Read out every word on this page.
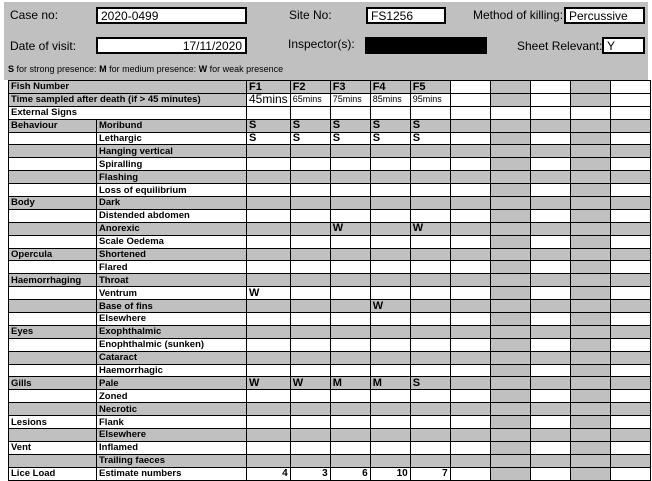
Case no:	2020-0499	Site No:	FS1256	Method of killing: Percussive
Date of visit:	17/11/2020	Inspector(s):	Sheet Relevant: Y
S for strong presence: M for medium presence: W for weak presence
Fish Number		F1	F2	F3	F4	F5					
Time sampled after death (if > 45 minutes)		45mins	65mins	75mins	85mins	95mins					
External Signs											
Behaviour	Moribund	S	S	S	S	S					
	Lethargic	S	S	S	S	S					
	Hanging vertical										
	Spiralling										
	Flashing										
	Loss of equilibrium										
Body	Dark										
	Distended abdomen										
	Anorexic			W		W					
	Scale Oedema										
Opercula	Shortened										
	Flared										
Haemorrhaging	Throat										
	Ventrum	W									
	Base of fins				W						
	Elsewhere										
Eyes	Exophthalmic										
	Enophthalmic (sunken)										
	Cataract										
	Haemorrhagic										
Gills	Pale	W	W	M	M	S					
	Zoned										
	Necrotic										
Lesions	Flank										
	Elsewhere										
Vent	Inflamed										
	Trailing faeces										
Lice Load	Estimate numbers	4	3	6	10	7					
